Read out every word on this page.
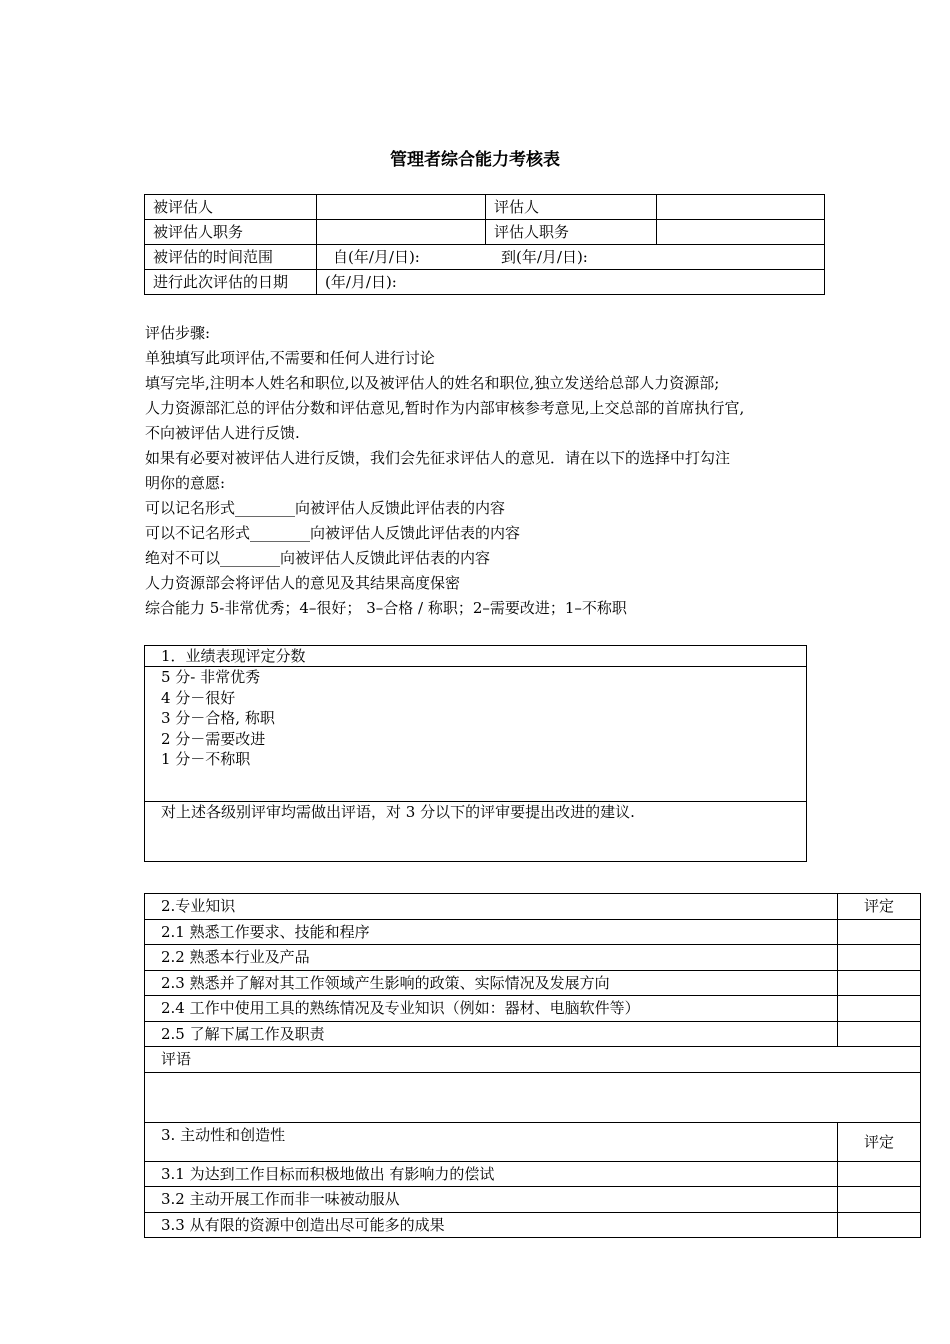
管理者综合能力考核表
被评估人		评估人	
被评估人职务		评估人职务	
被评估的时间范围	自(年/月/日): 到(年/月/日):		
进行此次评估的日期	(年/月/日):		
评估步骤:
单独填写此项评估,不需要和任何人进行讨论
填写完毕,注明本人姓名和职位,以及被评估人的姓名和职位,独立发送给总部人力资源部;
人力资源部汇总的评估分数和评估意见,暂时作为内部审核参考意见,上交总部的首席执行官,
不向被评估人进行反馈.
如果有必要对被评估人进行反馈，我们会先征求评估人的意见．请在以下的选择中打勾注
明你的意愿:
可以记名形式________向被评估人反馈此评估表的内容
可以不记名形式________向被评估人反馈此评估表的内容
绝对不可以________向被评估人反馈此评估表的内容
人力资源部会将评估人的意见及其结果高度保密
综合能力 5-非常优秀；4–很好； 3–合格 / 称职；2–需要改进；1–不称职
1．业绩表现评定分数

5 分- 非常优秀
4 分－很好
3 分－合格, 称职
2 分－需要改进
1 分－不称职

对上述各级别评审均需做出评语，对 3 分以下的评审要提出改进的建议.
2.专业知识	评定
2.1 熟悉工作要求、技能和程序	
2.2 熟悉本行业及产品	
2.3 熟悉并了解对其工作领域产生影响的政策、实际情况及发展方向	
2.4 工作中使用工具的熟练情况及专业知识（例如：器材、电脑软件等）	
2.5 了解下属工作及职责	
评语	

3. 主动性和创造性	评定
3.1 为达到工作目标而积极地做出 有影响力的偿试	
3.2 主动开展工作而非一味被动服从	
3.3 从有限的资源中创造出尽可能多的成果	
